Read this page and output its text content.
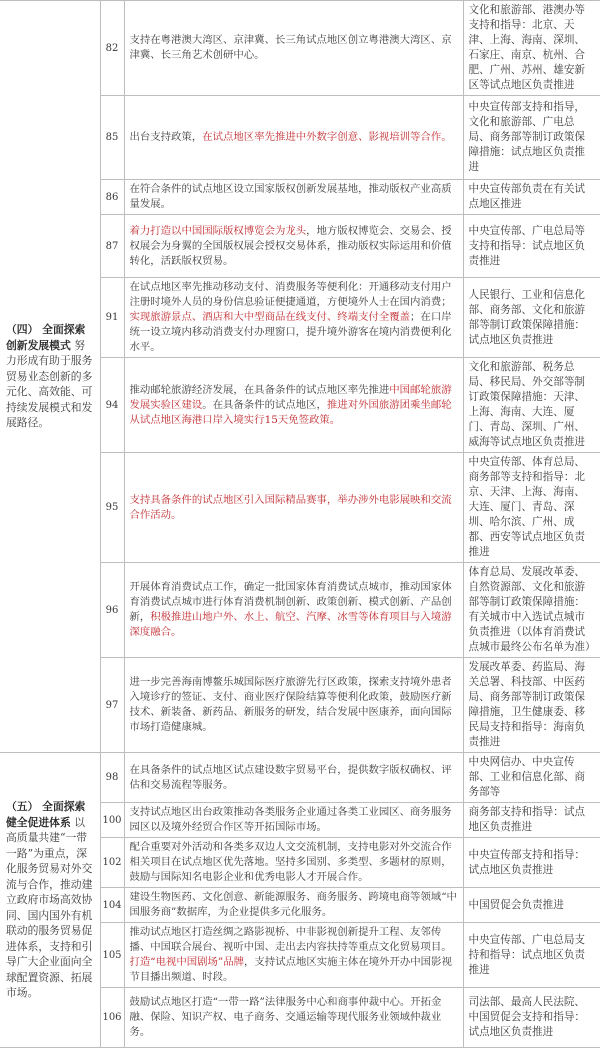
（四） 全面探索创新发展模式 努力形成有助于服务贸易业态创新的多元化、高效能、可持续发展模式和发展路径。	82	支持在粤港澳大湾区、京津冀、长三角试点地区创立粤港澳大湾区、京津冀、长三角艺术创研中心。	文化和旅游部、港澳办等支持和指导：北京、天津、上海、海南、深圳、石家庄、南京、杭州、合肥、广州、苏州、雄安新区等试点地区负责推进
	85	出台支持政策，在试点地区率先推进中外数字创意、影视培训等合作。	中央宣传部支持和指导，文化和旅游部、广电总局、商务部等制订政策保障措施：试点地区负责推进
	86	在符合条件的试点地区设立国家版权创新发展基地，推动版权产业高质量发展。	中央宣传部负责在有关试点地区推进
	87	着力打造以中国国际版权博览会为龙头，地方版权博览会、交易会、授权展会为身翼的全国版权展会授权交易体系，推动版权实际运用和价值转化，活跃版权贸易。	中央宣传部、广电总局等支持和指导：试点地区负责推进
	91	在试点地区率先推动移动支付、消费服务等便利化：开通移动支付用户注册时境外人员的身份信息验证便捷通道，方便境外人士在国内消费；实现旅游景点、酒店和大中型商品在线支付、终端支付全覆盖；在口岸统一设立境内移动消费支付办理窗口，提升境外游客在境内消费便利化水平。	人民银行、工业和信息化部、商务部、文化和旅游部等制订政策保障措施：试点地区负责推进
	94	推动邮轮旅游经济发展，在具备条件的试点地区率先推进中国邮轮旅游发展实验区建设。在具备条件的试点地区，推进对外国旅游团乘坐邮轮从试点地区海港口岸入境实行15天免签政策。	文化和旅游部、税务总局、移民局、外交部等制订政策保障措施：天津、上海、海南、大连、厦门、青岛、深圳、广州、威海等试点地区负责推进
	95	支持具备条件的试点地区引入国际精品赛事，举办涉外电影展映和交流合作活动。	中央宣传部、体育总局、商务部等支持和指导：北京、天津、上海、海南、大连、厦门、青岛、深圳、哈尔滨、广州、成都、西安等试点地区负责推进
	96	开展体育消费试点工作，确定一批国家体育消费试点城市，推动国家体育消费试点城市进行体育消费机制创新、政策创新、模式创新、产品创新，积极推进山地户外、水上、航空、汽摩、冰雪等体育项目与入境游深度融合。	体育总局、发展改革委、自然资源部、文化和旅游部等制订政策保障措施：有关城市中入选试点城市负责推进（以体育消费试点城市最终公布名单为准）
	97	进一步完善海南博鳌乐城国际医疗旅游先行区政策，探索支持境外患者入境诊疗的签证、支付、商业医疗保险结算等便利化政策，鼓励医疗新技术、新装备、新药品、新服务的研发，结合发展中医康养，面向国际市场打造健康城。	发展改革委、药监局、海关总署、科技部、中医药局、商务部等制订政策保障措施，卫生健康委、移民局支持和指导：海南负责推进
（五） 全面探索健全促进体系 以高质量共建“一带一路”为重点，深化服务贸易对外交流与合作，推动建立政府市场高效协同、国内国外有机联动的服务贸易促进体系，支持和引导广大企业面向全球配置资源、拓展市场。	98	在具备条件的试点地区试点建设数字贸易平台，提供数字版权确权、评估和交易流程等服务。	中央网信办、中央宣传部、工业和信息化部、商务部等
	100	支持试点地区出台政策推动各类服务企业通过各类工业园区、商务服务园区以及境外经贸合作区等开拓国际市场。	商务部支持和指导：试点地区负责推进
	102	配合重要对外活动和各类多双边人文交流机制，支持电影对外交流合作相关项目在试点地区优先落地。坚持多国别、多类型、多题材的原则，鼓励与国际知名电影企业和优秀电影人才开展合作。	中央宣传部支持和指导：试点地区负责推进
	104	建设生物医药、文化创意、新能源服务、商务服务、跨境电商等领域“中国服务商”数据库，为企业提供多元化服务。	中国贸促会负责推进
	105	推动试点地区打造丝绸之路影视桥、中非影视创新提升工程、友邻传播、中国联合展台、视听中国、走出去内容扶持等重点文化贸易项目。打造“电视中国剧场”品牌，支持试点地区实施主体在境外开办中国影视节目播出频道、时段。	中央宣传部、广电总局支持和指导：试点地区负责推进
	106	鼓励试点地区打造“一带一路”法律服务中心和商事仲裁中心。开拓金融、保险、知识产权、电子商务、交通运输等现代服务业领域仲裁业务。	司法部、最高人民法院、中国贸促会支持和指导：试点地区负责推进
